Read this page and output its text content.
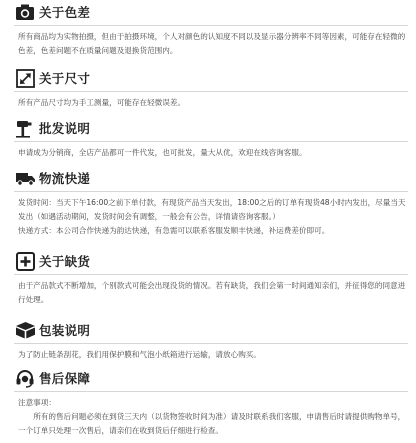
关于色差

所有商品均为实物拍摄，但由于拍摄环境，个人对颜色的认知度不同以及显示器分辨率不同等因素，可能存在轻微的色差，色差问题不在质量问题及退换货范围内。

关于尺寸

所有产品尺寸均为手工测量，可能存在轻微误差。

批发说明

申请成为分销商，全店产品都可一件代发，也可批发，量大从优，欢迎在线咨询客服。

物流快递

发货时间：当天下午16:00之前下单付款，有现货产品当天发出，18:00之后的订单有现货48小时内发出，尽量当天发出（如遇活动期间，发货时间会有调整，一般会有公告，详情请咨询客服。）

快递方式：本公司合作快递为韵达快递，有急需可以联系客服发顺丰快递，补运费差价即可。

关于缺货

由于产品款式不断增加，个别款式可能会出现没货的情况。若有缺货，我们会第一时间通知亲们，并征得您的同意进行处理。

包装说明

为了防止链条刮花，我们用保护膜和气泡小纸箱进行运输，请放心购买。

售后保障

注意事项：

所有的售后问题必须在到货三天内（以货物签收时间为准）请及时联系我们客服，申请售后时请提供购物单号，一个订单只处理一次售后，请亲们在收到货后仔细进行检查。
